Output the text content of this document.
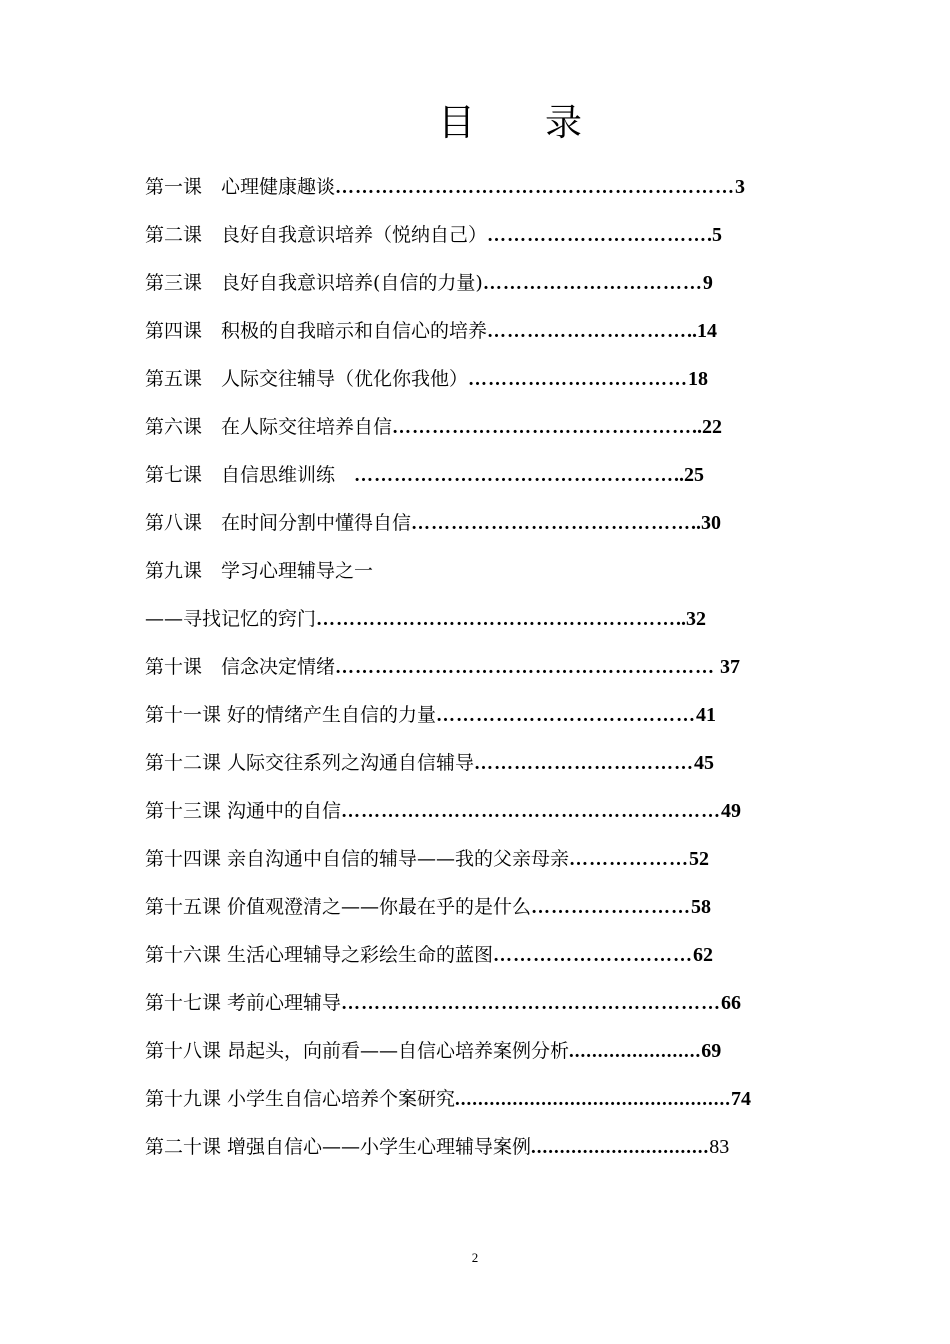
目录
第一课　心理健康趣谈……………………………………………………3
第二课　良好自我意识培养（悦纳自己）…………………………….5
第三课　良好自我意识培养(自信的力量)……………………………9
第四课　积极的自我暗示和自信心的培养…………………………..14
第五课　人际交往辅导（优化你我他）……………………………18
第六课　在人际交往培养自信………………………………………..22
第七课　自信思维训练　…………………………………………..25
第八课　在时间分割中懂得自信……………………………………..30
第九课　学习心理辅导之一
——寻找记忆的窍门………………………………………………..32
第十课　信念决定情绪………………………………………………… 37
第十一课 好的情绪产生自信的力量…………………………………41
第十二课 人际交往系列之沟通自信辅导……………………………45
第十三课 沟通中的自信…………………………………………………49
第十四课 亲自沟通中自信的辅导——我的父亲母亲………………52
第十五课 价值观澄清之——你最在乎的是什么……………………58
第十六课 生活心理辅导之彩绘生命的蓝图…………………………62
第十七课 考前心理辅导…………………………………………………66
第十八课 昂起头，向前看——自信心培养案例分析.......................69
第十九课 小学生自信心培养个案研究................................................74
第二十课 增强自信心——小学生心理辅导案例...............................83
2
